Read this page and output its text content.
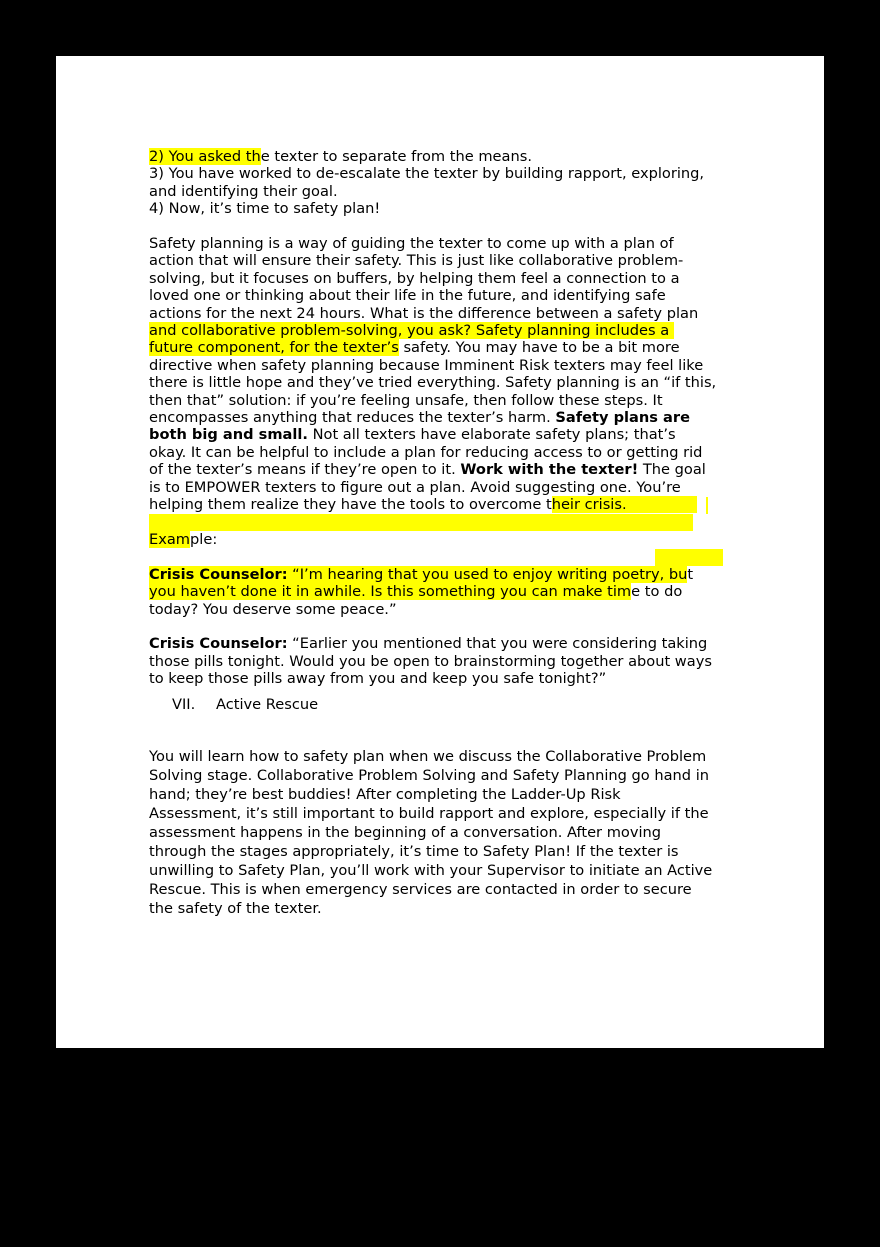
2) You asked the texter to separate from the means.

3) You have worked to de-escalate the texter by building rapport, exploring,
and identifying their goal.

4) Now, it’s time to safety plan!

Safety planning is a way of guiding the texter to come up with a plan of

action that will ensure their safety. This is just like collaborative problem-

solving, but it focuses on buffers, by helping them feel a connection to a

loved one or thinking about their life in the future, and identifying safe

actions for the next 24 hours. What is the difference between a safety plan

and collaborative problem-solving, you ask? Safety planning includes a

future component, for the texter’s safety. You may have to be a bit more

directive when safety planning because Imminent Risk texters may feel like

there is little hope and they’ve tried everything. Safety planning is an “if this,

then that” solution: if you’re feeling unsafe, then follow these steps. It

encompasses anything that reduces the texter’s harm. Safety plans are

both big and small. Not all texters have elaborate safety plans; that’s

okay. It can be helpful to include a plan for reducing access to or getting rid

of the texter’s means if they’re open to it. Work with the texter! The goal

is to EMPOWER texters to figure out a plan. Avoid suggesting one. You’re

helping them realize they have the tools to overcome their crisis.

Example:

Crisis Counselor: “I’m hearing that you used to enjoy writing poetry, but

you haven’t done it in awhile. Is this something you can make time to do

today? You deserve some peace.”

Crisis Counselor: “Earlier you mentioned that you were considering taking

those pills tonight. Would you be open to brainstorming together about ways

to keep those pills away from you and keep you safe tonight?”

VII. Active Rescue

You will learn how to safety plan when we discuss the Collaborative Problem

Solving stage. Collaborative Problem Solving and Safety Planning go hand in

hand; they’re best buddies! After completing the Ladder-Up Risk

Assessment, it’s still important to build rapport and explore, especially if the

assessment happens in the beginning of a conversation. After moving

through the stages appropriately, it’s time to Safety Plan! If the texter is

unwilling to Safety Plan, you’ll work with your Supervisor to initiate an Active

Rescue. This is when emergency services are contacted in order to secure

the safety of the texter.
